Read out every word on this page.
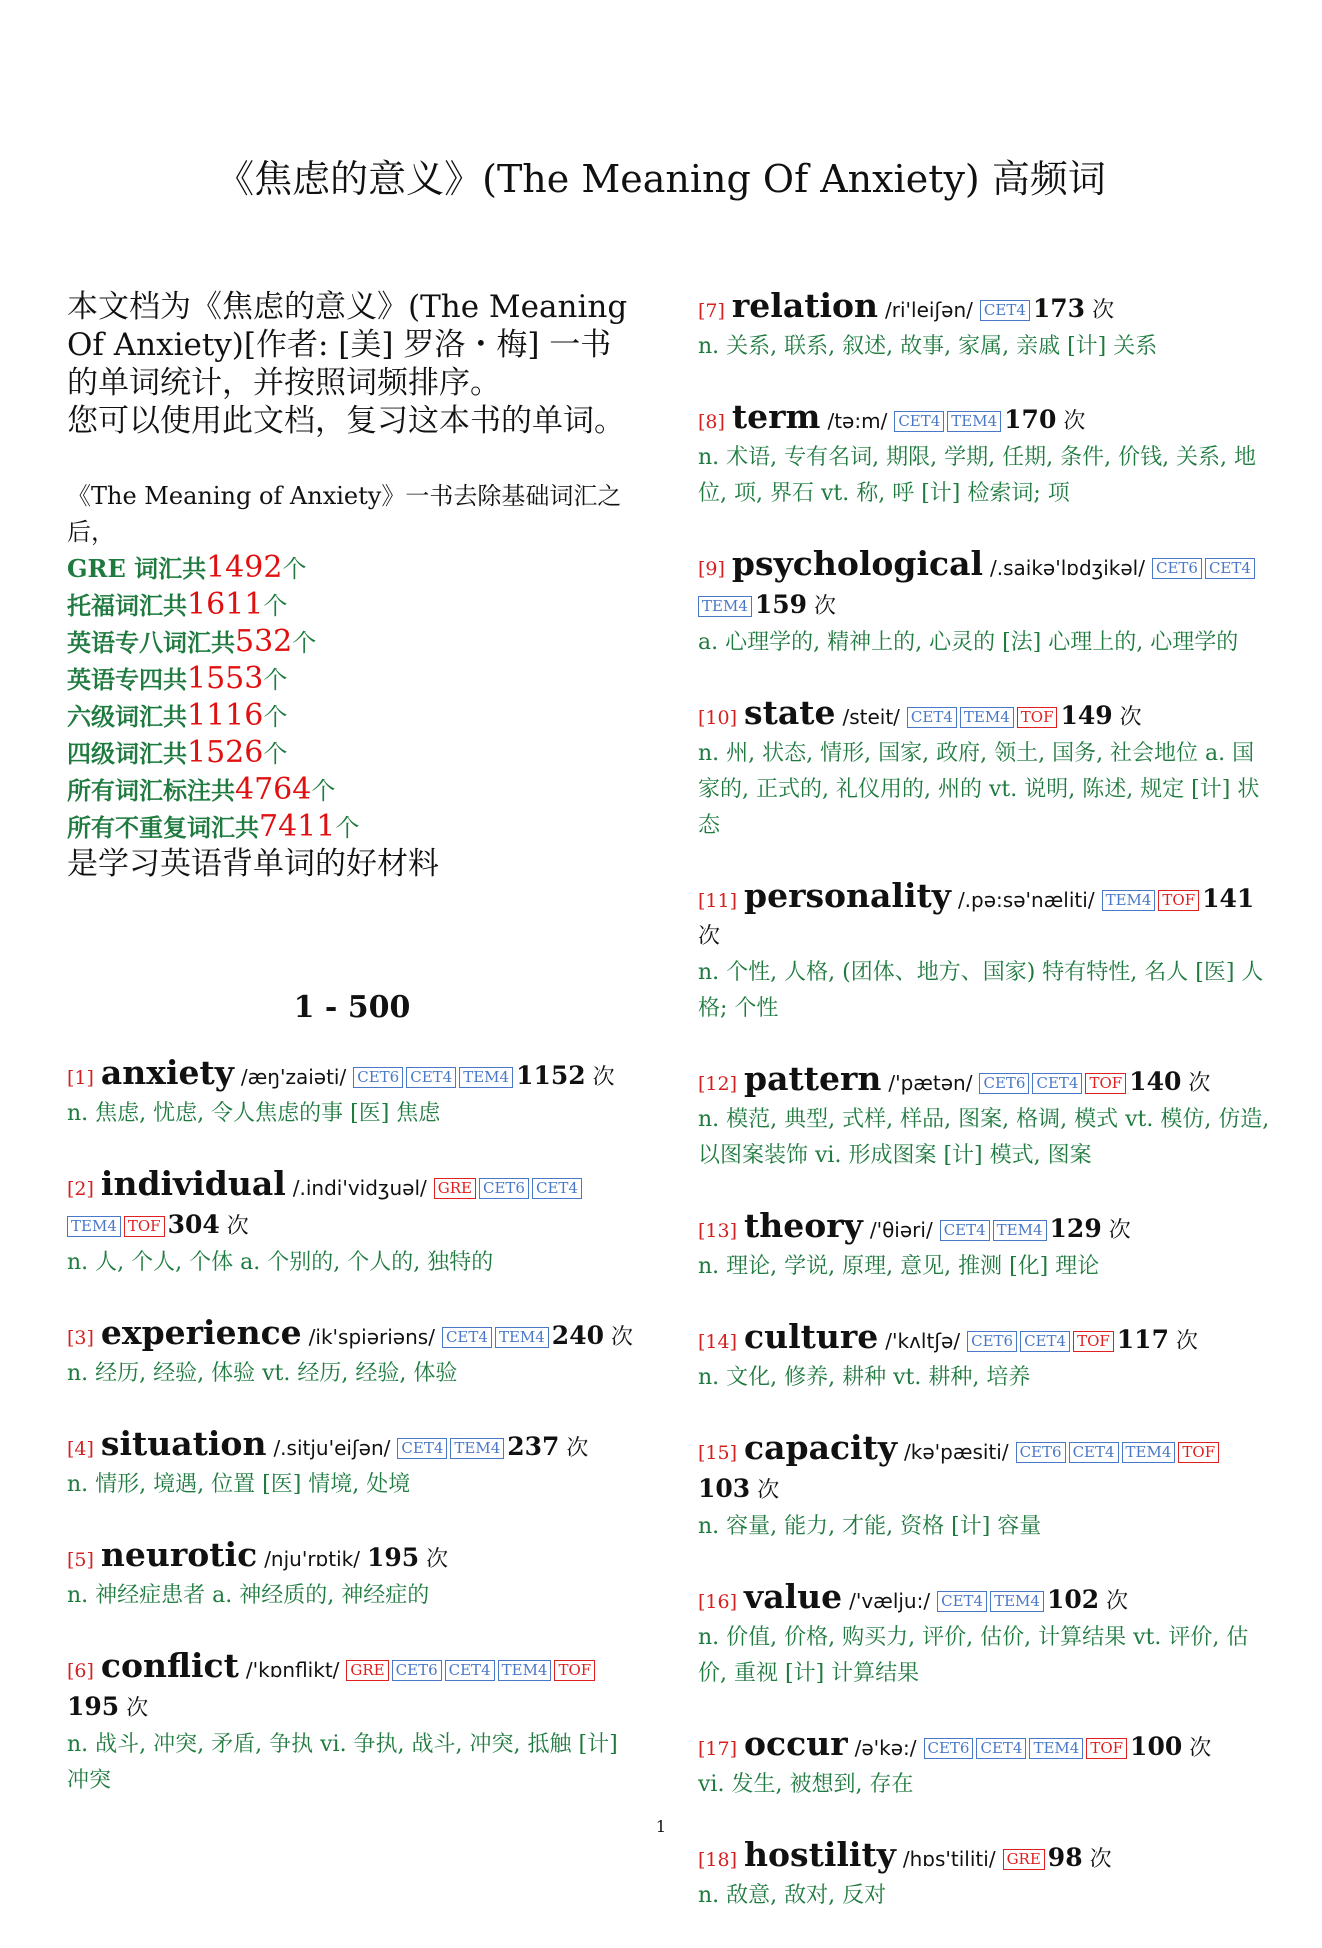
《焦虑的意义》(The Meaning Of Anxiety) 高频词

本文档为《焦虑的意义》(The Meaning Of Anxiety)[作者: [美] 罗洛・梅] 一书的单词统计，并按照词频排序。
您可以使用此文档，复习这本书的单词。

《The Meaning of Anxiety》一书去除基础词汇之后，

GRE 词汇共1492个

托福词汇共1611个

英语专八词汇共532个

英语专四共1553个

六级词汇共1116个

四级词汇共1526个

所有词汇标注共4764个

所有不重复词汇共7411个

是学习英语背单词的好材料

1 - 500

[1] anxiety /æŋ'zaiəti/ CET6 CET4 TEM4 1152 次

n. 焦虑, 忧虑, 令人焦虑的事 [医] 焦虑

[2] individual /.indi'vidʒuəl/ GRE CET6 CET4TEM4 TOF 304 次

n. 人, 个人, 个体 a. 个别的, 个人的, 独特的

[3] experience /ik'spiəriəns/ CET4 TEM4 240 次

n. 经历, 经验, 体验 vt. 经历, 经验, 体验

[4] situation /.sitju'eiʃən/ CET4 TEM4 237 次

n. 情形, 境遇, 位置 [医] 情境, 处境

[5] neurotic /nju'rɒtik/ 195 次

n. 神经症患者 a. 神经质的, 神经症的

[6] conflict /'kɒnflikt/ GRE CET6 CET4 TEM4 TOF195 次

n. 战斗, 冲突, 矛盾, 争执 vi. 争执, 战斗, 冲突, 抵触 [计] 冲突

[7] relation /ri'leiʃən/ CET4 173 次

n. 关系, 联系, 叙述, 故事, 家属, 亲戚 [计] 关系

[8] term /tə:m/ CET4 TEM4 170 次

n. 术语, 专有名词, 期限, 学期, 任期, 条件, 价钱, 关系, 地位, 项, 界石 vt. 称, 呼 [计] 检索词; 项

[9] psychological /.saikə'lɒdʒikəl/ CET6 CET4TEM4 159 次

a. 心理学的, 精神上的, 心灵的 [法] 心理上的, 心理学的

[10] state /steit/ CET4 TEM4 TOF 149 次

n. 州, 状态, 情形, 国家, 政府, 领土, 国务, 社会地位 a. 国家的, 正式的, 礼仪用的, 州的 vt. 说明, 陈述, 规定 [计] 状态

[11] personality /.pə:sə'næliti/ TEM4 TOF 141 次

n. 个性, 人格, (团体、地方、国家) 特有特性, 名人 [医] 人格; 个性

[12] pattern /'pætən/ CET6 CET4 TOF 140 次

n. 模范, 典型, 式样, 样品, 图案, 格调, 模式 vt. 模仿, 仿造, 以图案装饰 vi. 形成图案 [计] 模式, 图案

[13] theory /'θiəri/ CET4 TEM4 129 次

n. 理论, 学说, 原理, 意见, 推测 [化] 理论

[14] culture /'kʌltʃə/ CET6 CET4 TOF 117 次

n. 文化, 修养, 耕种 vt. 耕种, 培养

[15] capacity /kə'pæsiti/ CET6 CET4 TEM4 TOF103 次

n. 容量, 能力, 才能, 资格 [计] 容量

[16] value /'vælju:/ CET4 TEM4 102 次

n. 价值, 价格, 购买力, 评价, 估价, 计算结果 vt. 评价, 估价, 重视 [计] 计算结果

[17] occur /ə'kə:/ CET6 CET4 TEM4 TOF 100 次

vi. 发生, 被想到, 存在

[18] hostility /hɒs'tiliti/ GRE 98 次

n. 敌意, 敌对, 反对

1
